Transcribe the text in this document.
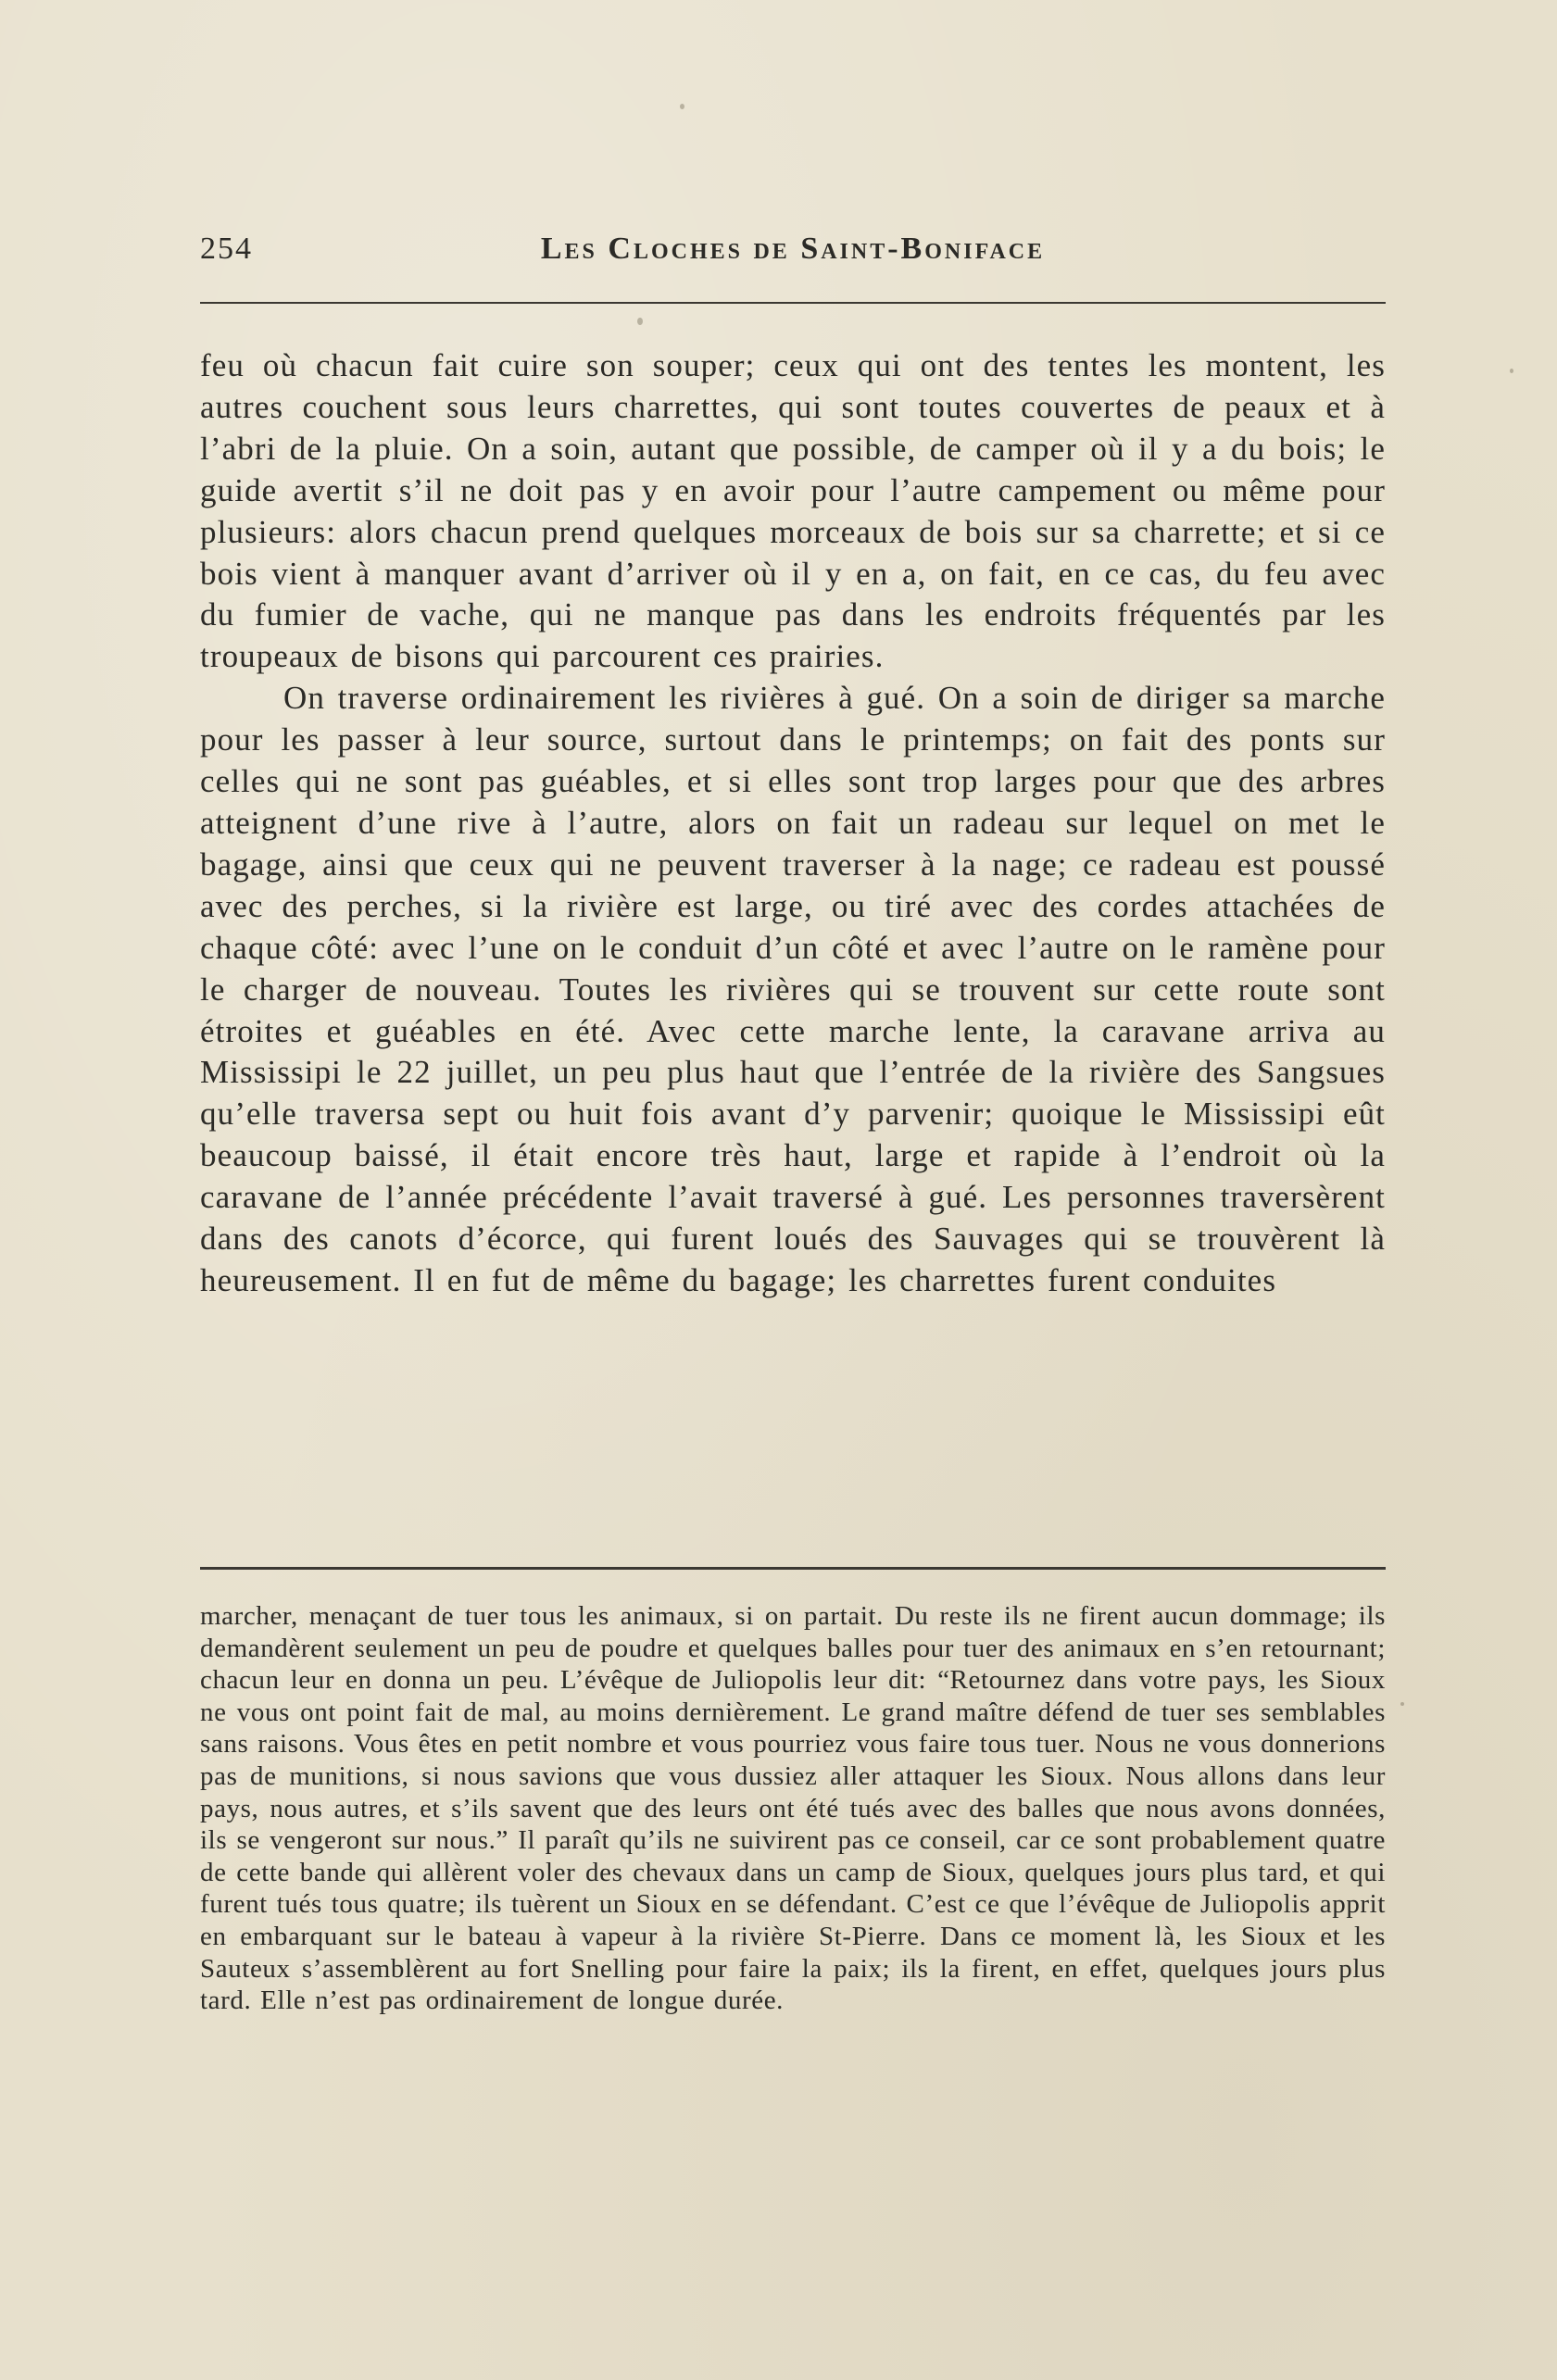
254	Les Cloches de Saint-Boniface

feu où chacun fait cuire son souper; ceux qui ont des tentes les montent, les autres couchent sous leurs charrettes, qui sont toutes couvertes de peaux et à l’abri de la pluie. On a soin, autant que possible, de camper où il y a du bois; le guide avertit s’il ne doit pas y en avoir pour l’autre campement ou même pour plusieurs: alors chacun prend quelques morceaux de bois sur sa charrette; et si ce bois vient à manquer avant d’arriver où il y en a, on fait, en ce cas, du feu avec du fumier de vache, qui ne manque pas dans les endroits fréquentés par les troupeaux de bisons qui parcourent ces prairies.

On traverse ordinairement les rivières à gué. On a soin de diriger sa marche pour les passer à leur source, surtout dans le printemps; on fait des ponts sur celles qui ne sont pas guéables, et si elles sont trop larges pour que des arbres atteignent d’une rive à l’autre, alors on fait un radeau sur lequel on met le bagage, ainsi que ceux qui ne peuvent traverser à la nage; ce radeau est poussé avec des perches, si la rivière est large, ou tiré avec des cordes attachées de chaque côté: avec l’une on le conduit d’un côté et avec l’autre on le ramène pour le charger de nouveau. Toutes les rivières qui se trouvent sur cette route sont étroites et guéables en été. Avec cette marche lente, la caravane arriva au Mississipi le 22 juillet, un peu plus haut que l’entrée de la rivière des Sangsues qu’elle traversa sept ou huit fois avant d’y parvenir; quoique le Mississipi eût beaucoup baissé, il était encore très haut, large et rapide à l’endroit où la caravane de l’année précédente l’avait traversé à gué. Les personnes traversèrent dans des canots d’écorce, qui furent loués des Sauvages qui se trouvèrent là heureusement. Il en fut de même du bagage; les charrettes furent conduites

marcher, menaçant de tuer tous les animaux, si on partait. Du reste ils ne firent aucun dommage; ils demandèrent seulement un peu de poudre et quelques balles pour tuer des animaux en s’en retournant; chacun leur en donna un peu. L’évêque de Juliopolis leur dit: “Retournez dans votre pays, les Sioux ne vous ont point fait de mal, au moins dernièrement. Le grand maître défend de tuer ses semblables sans raisons. Vous êtes en petit nombre et vous pourriez vous faire tous tuer. Nous ne vous donnerions pas de munitions, si nous savions que vous dussiez aller attaquer les Sioux. Nous allons dans leur pays, nous autres, et s’ils savent que des leurs ont été tués avec des balles que nous avons données, ils se vengeront sur nous.” Il paraît qu’ils ne suivirent pas ce conseil, car ce sont probablement quatre de cette bande qui allèrent voler des chevaux dans un camp de Sioux, quelques jours plus tard, et qui furent tués tous quatre; ils tuèrent un Sioux en se défendant. C’est ce que l’évêque de Juliopolis apprit en embarquant sur le bateau à vapeur à la rivière St-Pierre. Dans ce moment là, les Sioux et les Sauteux s’assemblèrent au fort Snelling pour faire la paix; ils la firent, en effet, quelques jours plus tard. Elle n’est pas ordinairement de longue durée.
